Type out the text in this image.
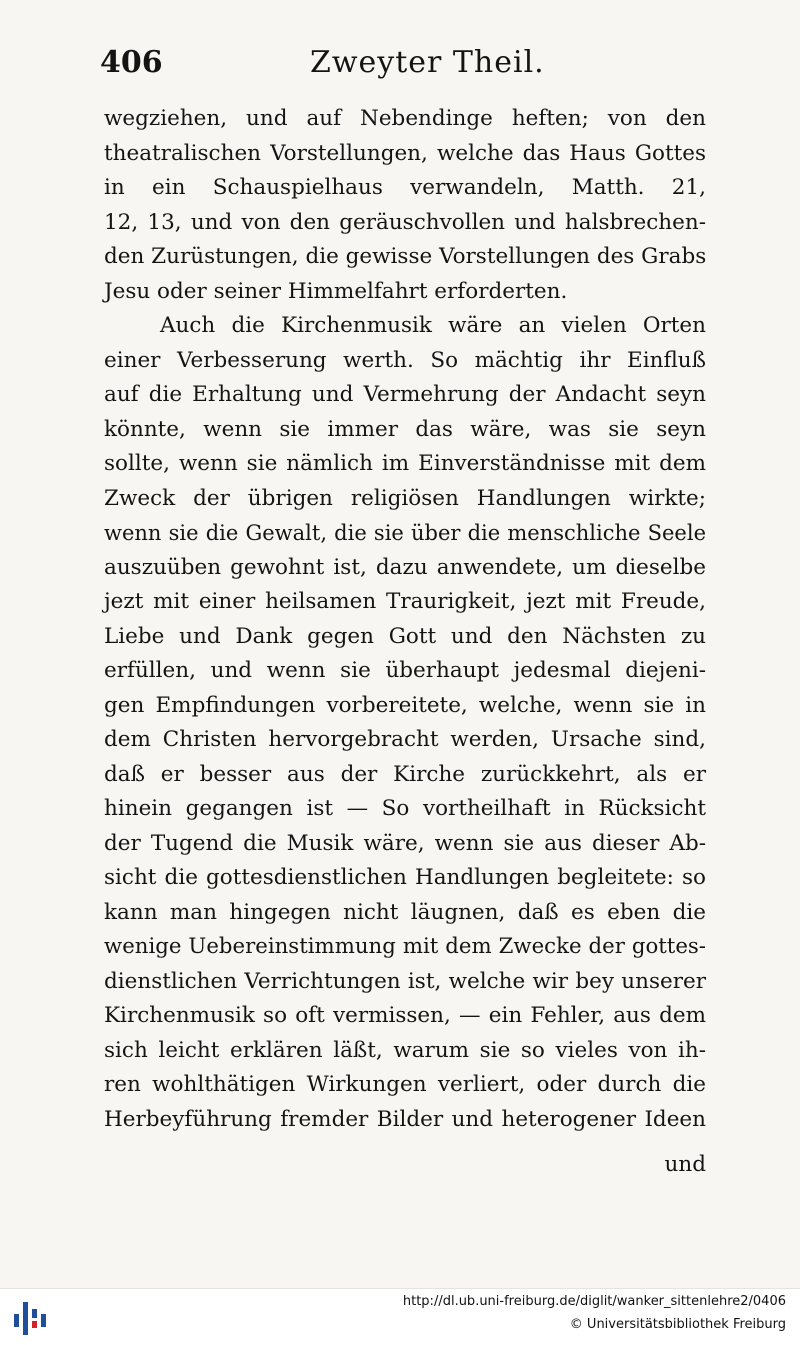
406	Zweyter Theil.
wegziehen, und auf Nebendinge heften; von den
theatralischen Vorstellungen, welche das Haus Gottes
in ein Schauspielhaus verwandeln, Matth. 21,
12, 13, und von den geräuschvollen und halsbrechen-
den Zurüstungen, die gewisse Vorstellungen des Grabs
Jesu oder seiner Himmelfahrt erforderten.
Auch die Kirchenmusik wäre an vielen Orten
einer Verbesserung werth. So mächtig ihr Einfluß
auf die Erhaltung und Vermehrung der Andacht seyn
könnte, wenn sie immer das wäre, was sie seyn
sollte, wenn sie nämlich im Einverständnisse mit dem
Zweck der übrigen religiösen Handlungen wirkte;
wenn sie die Gewalt, die sie über die menschliche Seele
auszuüben gewohnt ist, dazu anwendete, um dieselbe
jezt mit einer heilsamen Traurigkeit, jezt mit Freude,
Liebe und Dank gegen Gott und den Nächsten zu
erfüllen, und wenn sie überhaupt jedesmal diejeni-
gen Empfindungen vorbereitete, welche, wenn sie in
dem Christen hervorgebracht werden, Ursache sind,
daß er besser aus der Kirche zurückkehrt, als er
hinein gegangen ist — So vortheilhaft in Rücksicht
der Tugend die Musik wäre, wenn sie aus dieser Ab-
sicht die gottesdienstlichen Handlungen begleitete: so
kann man hingegen nicht läugnen, daß es eben die
wenige Uebereinstimmung mit dem Zwecke der gottes-
dienstlichen Verrichtungen ist, welche wir bey unserer
Kirchenmusik so oft vermissen, — ein Fehler, aus dem
sich leicht erklären läßt, warum sie so vieles von ih-
ren wohlthätigen Wirkungen verliert, oder durch die
Herbeyführung fremder Bilder und heterogener Ideen
und
http://dl.ub.uni-freiburg.de/diglit/wanker_sittenlehre2/0406
© Universitätsbibliothek Freiburg
